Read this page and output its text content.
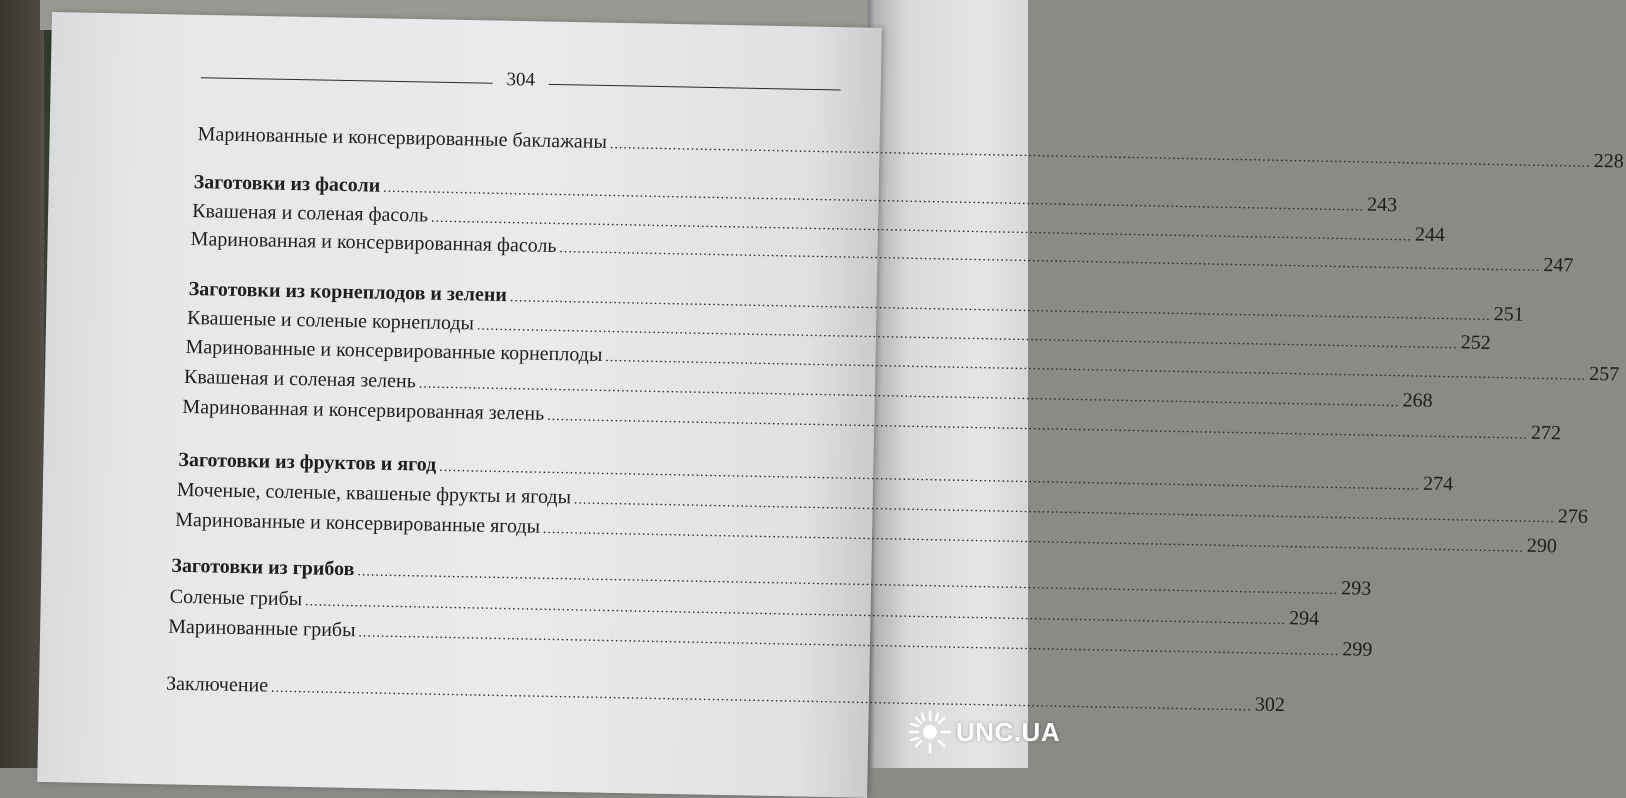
304
Маринованные и консервированные баклажаны
.....
228
Заготовки из фасоли
.....
243
Квашеная и соленая фасоль
.....
244
Маринованная и консервированная фасоль
.....
247
Заготовки из корнеплодов и зелени
.....
251
Квашеные и соленые корнеплоды
.....
252
Маринованные и консервированные корнеплоды
.....
257
Квашеная и соленая зелень
.....
268
Маринованная и консервированная зелень
.....
272
Заготовки из фруктов и ягод
.....
274
Моченые, соленые, квашеные фрукты и ягоды
.....
276
Маринованные и консервированные ягоды
.....
290
Заготовки из грибов
.....
293
Соленые грибы
.....
294
Маринованные грибы
.....
299
Заключение
.....
302
UNC.UA
